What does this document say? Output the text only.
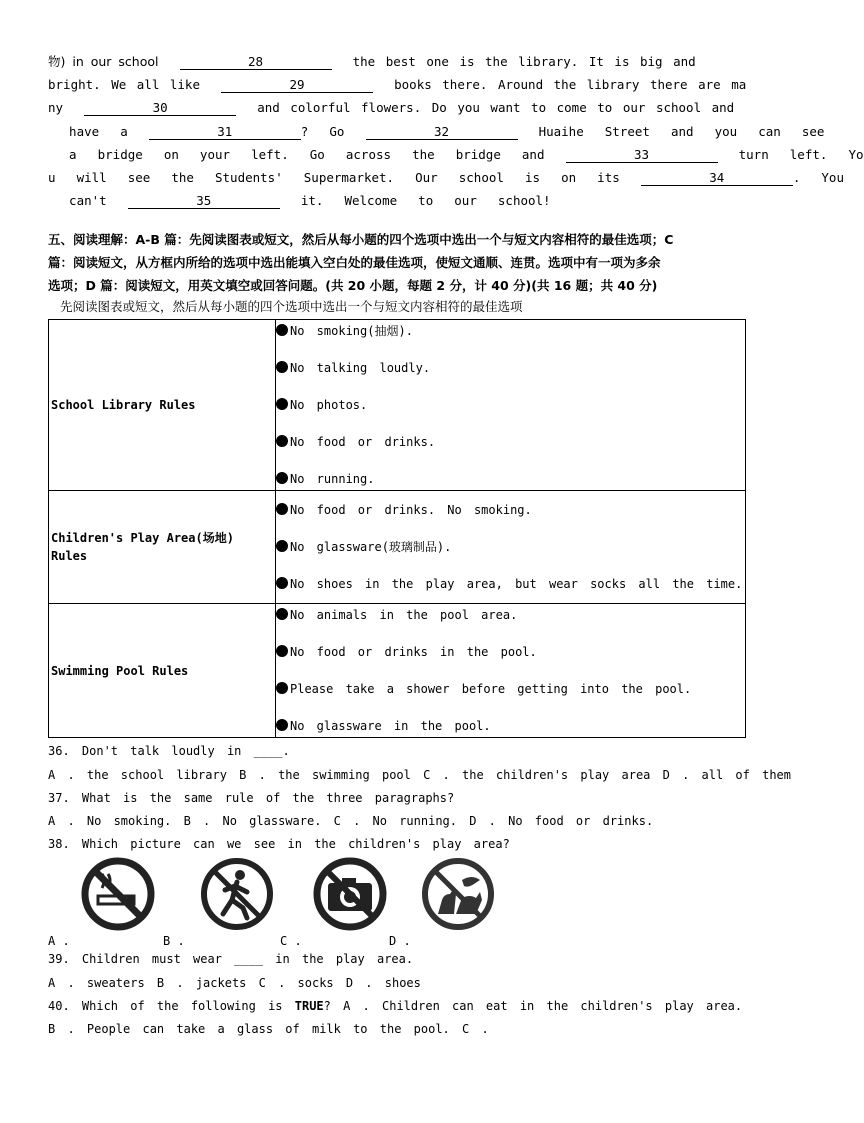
物) in our school	28	the best one is the library. It is big and
bright. We all like	29	books there. Around the library there are ma
ny	30	and colorful flowers. Do you want to come to our school and
have  a	31	?  Go	32	Huaihe  Street  and  you  can  see
a  bridge  on  your  left.  Go  across  the  bridge  and	33	turn  left.  Yo
u  will  see  the  Students'  Supermarket.  Our  school  is  on  its	34	.  You
can't	35	it.  Welcome  to  our  school!
五、阅读理解：A-B 篇：先阅读图表或短文，然后从每小题的四个选项中选出一个与短文内容相符的最佳选项；C
篇：阅读短文，从方框内所给的选项中选出能填入空白处的最佳选项，使短文通顺、连贯。选项中有一项为多余
选项；D 篇：阅读短文，用英文填空或回答问题。(共 20 小题，每题 2 分，计 40 分)(共 16 题；共 40 分)
先阅读图表或短文，然后从每小题的四个选项中选出一个与短文内容相符的最佳选项
School Library Rules	No smoking(抽烟).
No talking loudly.
No photos.
No food or drinks.
No running.

Children's Play Area(场地) Rules	No food or drinks. No smoking.
No glassware(玻璃制品).
No shoes in the play area, but wear socks all the time.

Swimming Pool Rules	No animals in the pool area.
No food or drinks in the pool.
Please take a shower before getting into the pool.
No glassware in the pool.
36. Don't talk loudly in ____.
A . the school library B . the swimming pool C . the children's play area D . all of them
37. What is the same rule of the three paragraphs?
A . No smoking. B . No glassware. C . No running. D . No food or drinks.
38. Which picture can we see in the children's play area?
A .	B .	C .	D .
39. Children must wear ____ in the play area.
A . sweaters B . jackets C . socks D . shoes
40. Which of the following is TRUE? A . Children can eat in the children's play area.
B . People can take a glass of milk to the pool. C .
